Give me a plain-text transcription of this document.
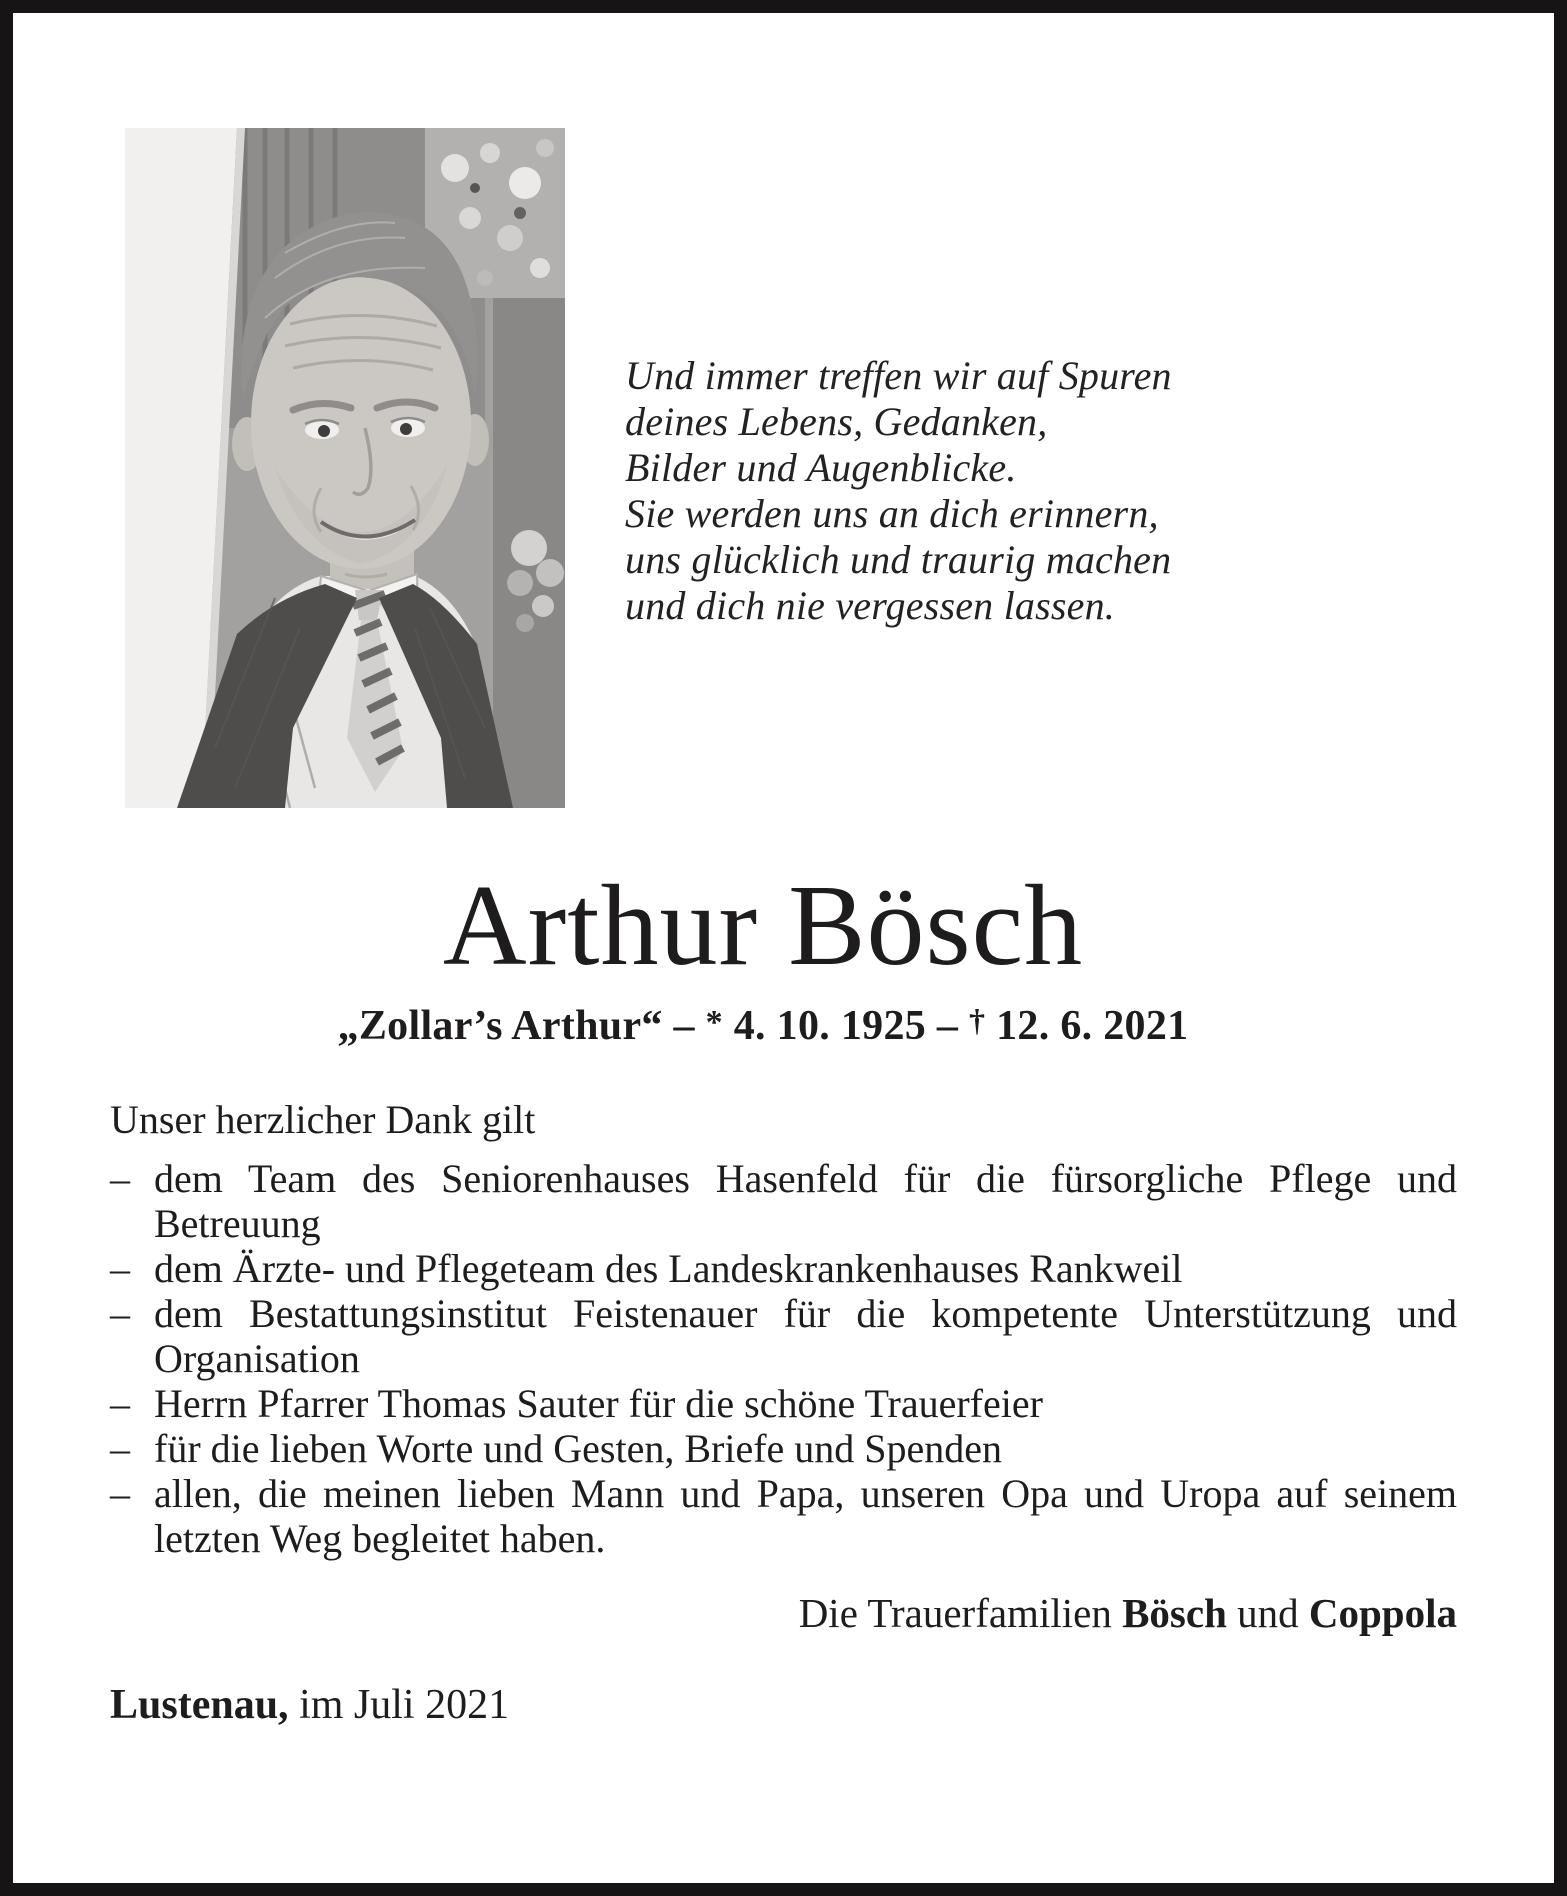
Und immer treffen wir auf Spuren
deines Lebens, Gedanken,
Bilder und Augenblicke.
Sie werden uns an dich erinnern,
uns glücklich und traurig machen
und dich nie vergessen lassen.
Arthur Bösch
„Zollar’s Arthur“ – * 4. 10. 1925 – † 12. 6. 2021
Unser herzlicher Dank gilt
– dem Team des Seniorenhauses Hasenfeld für die fürsorgliche Pflege und Betreuung
– dem Ärzte- und Pflegeteam des Landeskrankenhauses Rankweil
– dem Bestattungsinstitut Feistenauer für die kompetente Unterstützung und Organisation
– Herrn Pfarrer Thomas Sauter für die schöne Trauerfeier
– für die lieben Worte und Gesten, Briefe und Spenden
– allen, die meinen lieben Mann und Papa, unseren Opa und Uropa auf seinem letzten Weg begleitet haben.
Die Trauerfamilien Bösch und Coppola
Lustenau, im Juli 2021
